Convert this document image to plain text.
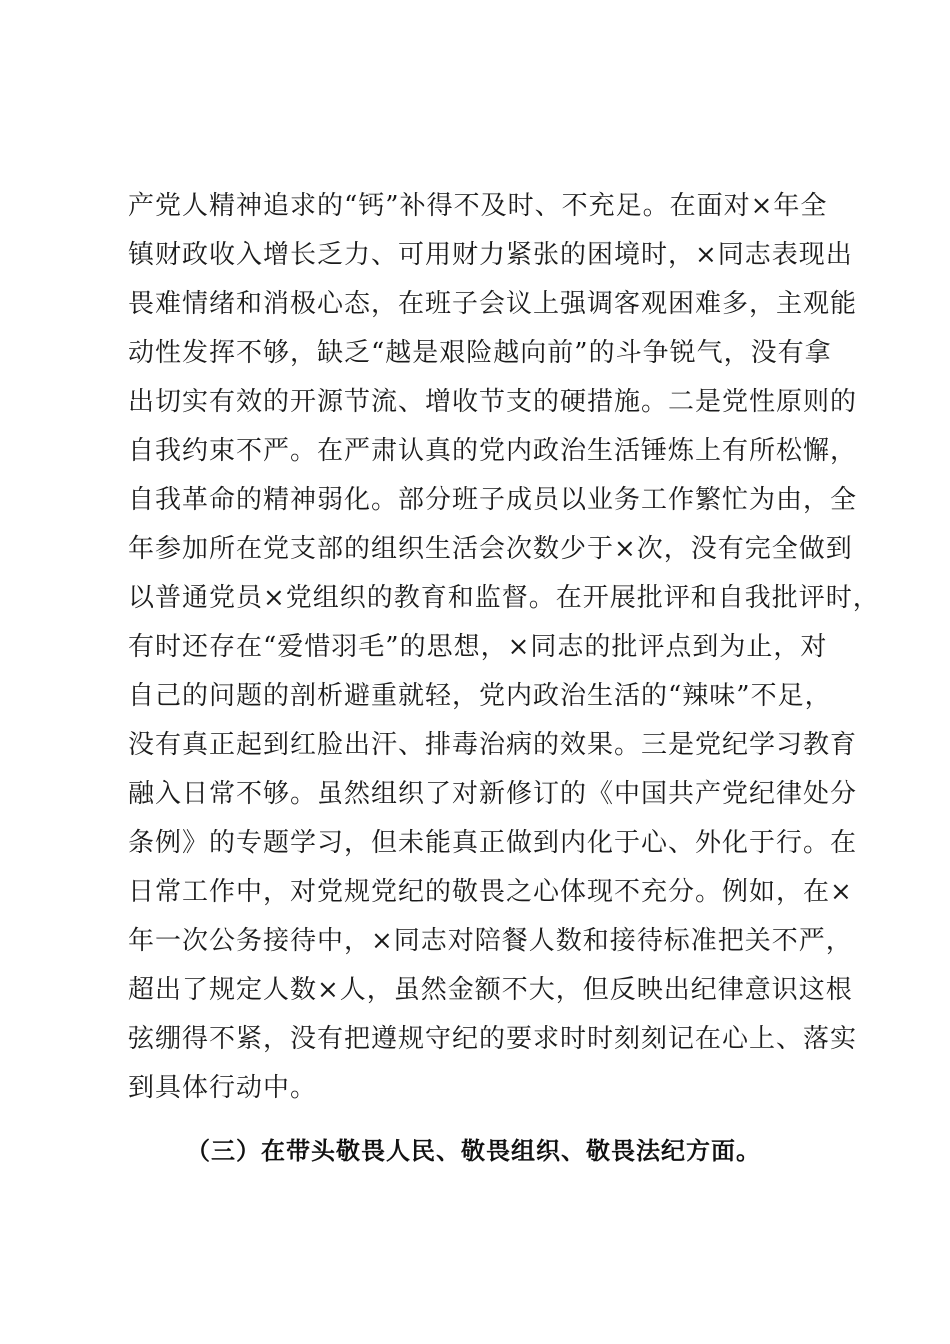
产党人精神追求的“钙”补得不及时、不充足。在面对×年全
镇财政收入增长乏力、可用财力紧张的困境时，×同志表现出
畏难情绪和消极心态，在班子会议上强调客观困难多，主观能
动性发挥不够，缺乏“越是艰险越向前”的斗争锐气，没有拿
出切实有效的开源节流、增收节支的硬措施。二是党性原则的
自我约束不严。在严肃认真的党内政治生活锤炼上有所松懈，
自我革命的精神弱化。部分班子成员以业务工作繁忙为由，全
年参加所在党支部的组织生活会次数少于×次，没有完全做到
以普通党员×党组织的教育和监督。在开展批评和自我批评时，
有时还存在“爱惜羽毛”的思想，×同志的批评点到为止，对
自己的问题的剖析避重就轻，党内政治生活的“辣味”不足，
没有真正起到红脸出汗、排毒治病的效果。三是党纪学习教育
融入日常不够。虽然组织了对新修订的《中国共产党纪律处分
条例》的专题学习，但未能真正做到内化于心、外化于行。在
日常工作中，对党规党纪的敬畏之心体现不充分。例如，在×
年一次公务接待中，×同志对陪餐人数和接待标准把关不严，
超出了规定人数×人，虽然金额不大，但反映出纪律意识这根
弦绷得不紧，没有把遵规守纪的要求时时刻刻记在心上、落实
到具体行动中。
（三）在带头敬畏人民、敬畏组织、敬畏法纪方面。
